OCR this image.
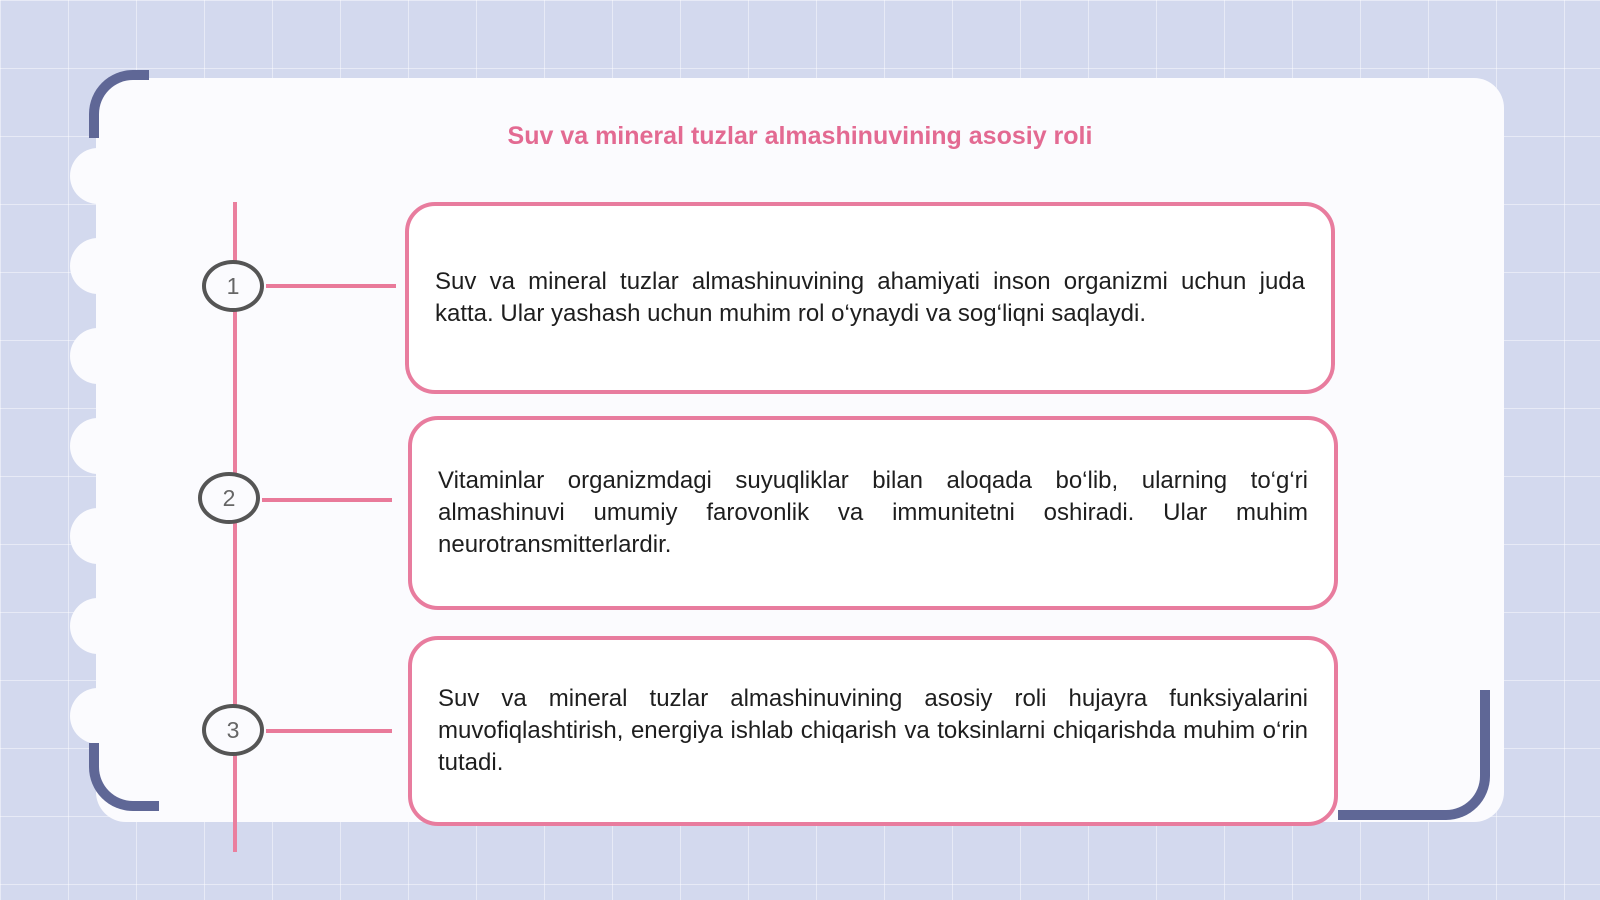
Suv va mineral tuzlar almashinuvining asosiy roli
1	Suv va mineral tuzlar almashinuvining ahamiyati inson organizmi uchun juda katta. Ular yashash uchun muhim rol o‘ynaydi va sog‘liqni saqlaydi.

2

Vitaminlar organizmdagi suyuqliklar bilan aloqada bo‘lib, ularning to‘g‘ri almashinuvi umumiy farovonlik va immunitetni oshiradi. Ular muhim neurotransmitterlardir.

3

Suv va mineral tuzlar almashinuvining asosiy roli hujayra funksiyalarini muvofiqlashtirish, energiya ishlab chiqarish va toksinlarni chiqarishda muhim o‘rin tutadi.
